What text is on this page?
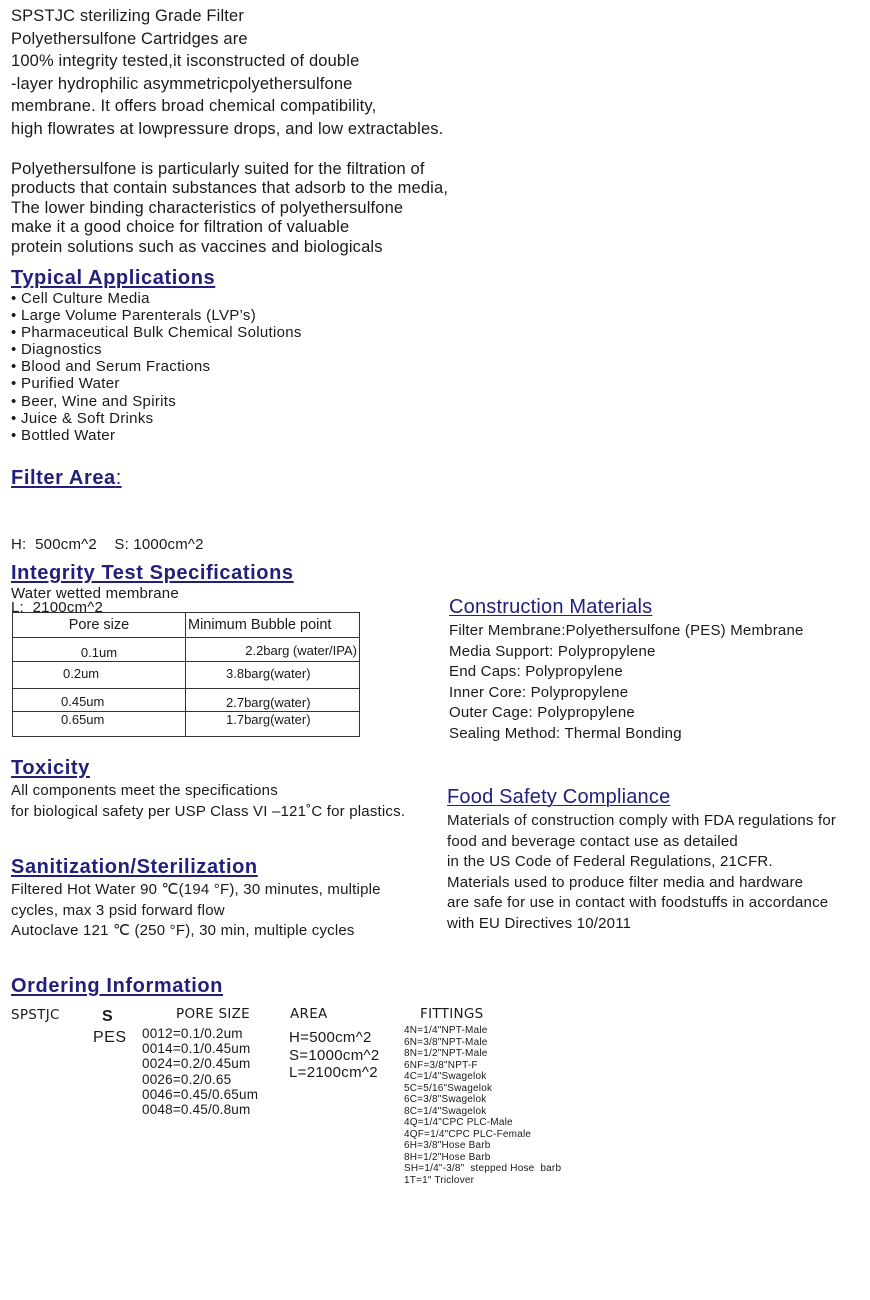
SPSTJC sterilizing Grade Filter
Polyethersulfone Cartridges are
100% integrity tested,it isconstructed of double
-layer hydrophilic asymmetricpolyethersulfone
membrane. It offers broad chemical compatibility,
high flowrates at lowpressure drops, and low extractables.
Polyethersulfone is particularly suited for the filtration of
products that contain substances that adsorb to the media,
The lower binding characteristics of polyethersulfone
make it a good choice for filtration of valuable
protein solutions such as vaccines and biologicals
Typical Applications
• Cell Culture Media
• Large Volume Parenterals (LVP’s)
• Pharmaceutical Bulk Chemical Solutions
• Diagnostics
• Blood and Serum Fractions
• Purified Water
• Beer, Wine and Spirits
• Juice & Soft Drinks
• Bottled Water
Filter Area:

H:  500cm^2    S: 1000cm^2

L:  2100cm^2

Integrity Test Specifications
Water wetted membrane
Pore size	Minimum Bubble point
0.1um	2.2barg (water/IPA)
0.2um	3.8barg(water)
0.45um	2.7barg(water)
0.65um	1.7barg(water)
Construction Materials
Filter Membrane:Polyethersulfone (PES) Membrane
Media Support: Polypropylene
End Caps: Polypropylene
Inner Core: Polypropylene
Outer Cage: Polypropylene
Sealing Method: Thermal Bonding
Toxicity
All components meet the specifications
for biological safety per USP Class VI –121˚C for plastics.
Food Safety Compliance
Materials of construction comply with FDA regulations for
food and beverage contact use as detailed
in the US Code of Federal Regulations, 21CFR.
Materials used to produce filter media and hardware
are safe for use in contact with foodstuffs in accordance
with EU Directives 10/2011
Sanitization/Sterilization
Filtered Hot Water 90 ℃(194 °F), 30 minutes, multiple
cycles, max 3 psid forward flow
Autoclave 121 ℃ (250 °F), 30 min, multiple cycles
Ordering Information
SPSTJC	S
PES
PORE SIZE
0012=0.1/0.2um
0014=0.1/0.45um
0024=0.2/0.45um
0026=0.2/0.65
0046=0.45/0.65um
0048=0.45/0.8um
AREA
H=500cm^2
S=1000cm^2
L=2100cm^2
FITTINGS
4N=1/4"NPT-Male
6N=3/8"NPT-Male
8N=1/2"NPT-Male
6NF=3/8"NPT-F
4C=1/4"Swagelok
5C=5/16"Swagelok
6C=3/8"Swagelok
8C=1/4"Swagelok
4Q=1/4"CPC PLC-Male
4QF=1/4"CPC PLC-Female
6H=3/8"Hose Barb
8H=1/2"Hose Barb
SH=1/4"-3/8"  stepped Hose  barb
1T=1" Triclover
